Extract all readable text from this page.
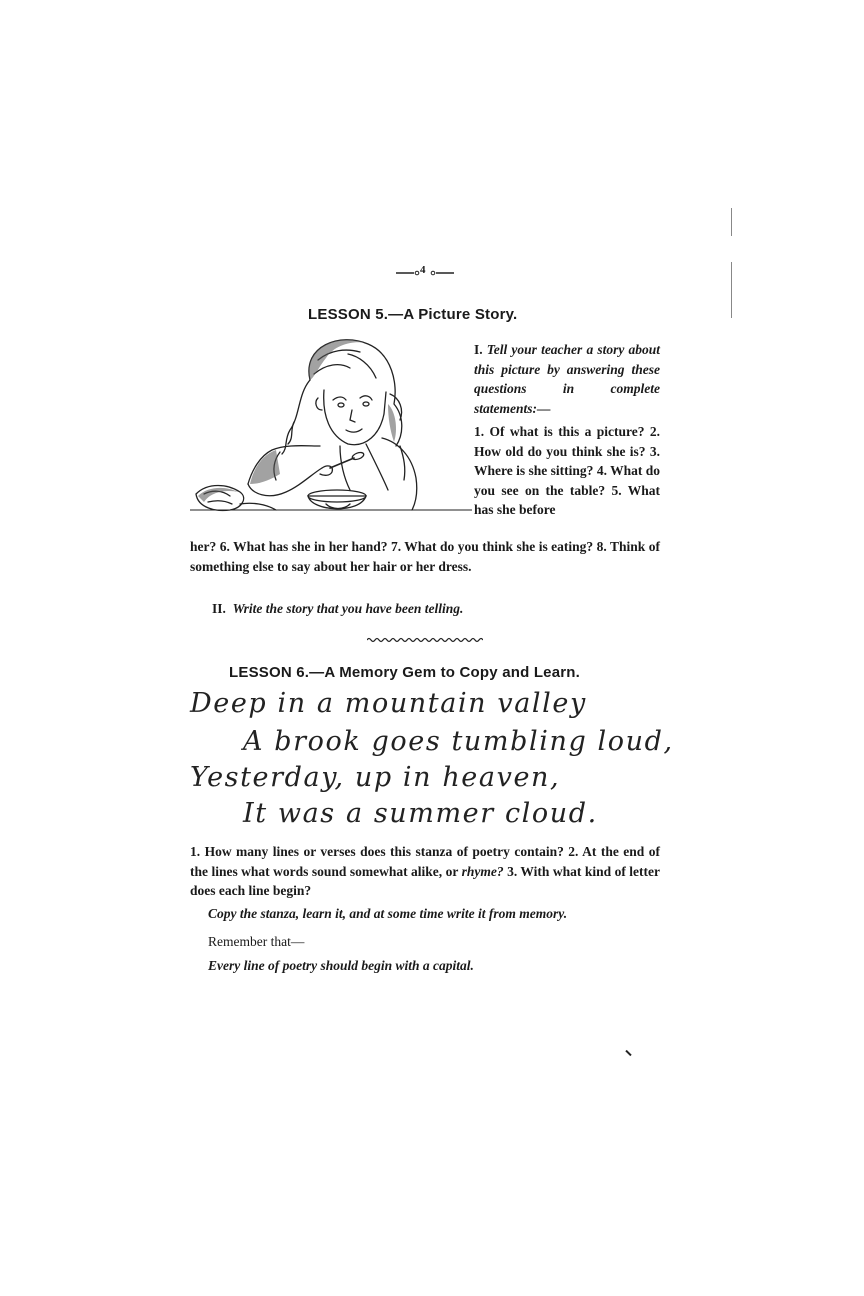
4
LESSON 5.—A Picture Story.
I. Tell your teacher a story about this picture by answering these questions in complete statements:—
1. Of what is this a picture? 2. How old do you think she is? 3. Where is she sitting? 4. What do you see on the table? 5. What has she before
her? 6. What has she in her hand? 7. What do you think she is eating? 8. Think of something else to say about her hair or her dress.
II. Write the story that you have been telling.
LESSON 6.—A Memory Gem to Copy and Learn.
Deep in a mountain valley
A brook goes tumbling loud,
Yesterday, up in heaven,
It was a summer cloud.
1. How many lines or verses does this stanza of poetry contain? 2. At the end of the lines what words sound somewhat alike, or rhyme? 3. With what kind of letter does each line begin?
Copy the stanza, learn it, and at some time write it from memory.
Remember that—
Every line of poetry should begin with a capital.
